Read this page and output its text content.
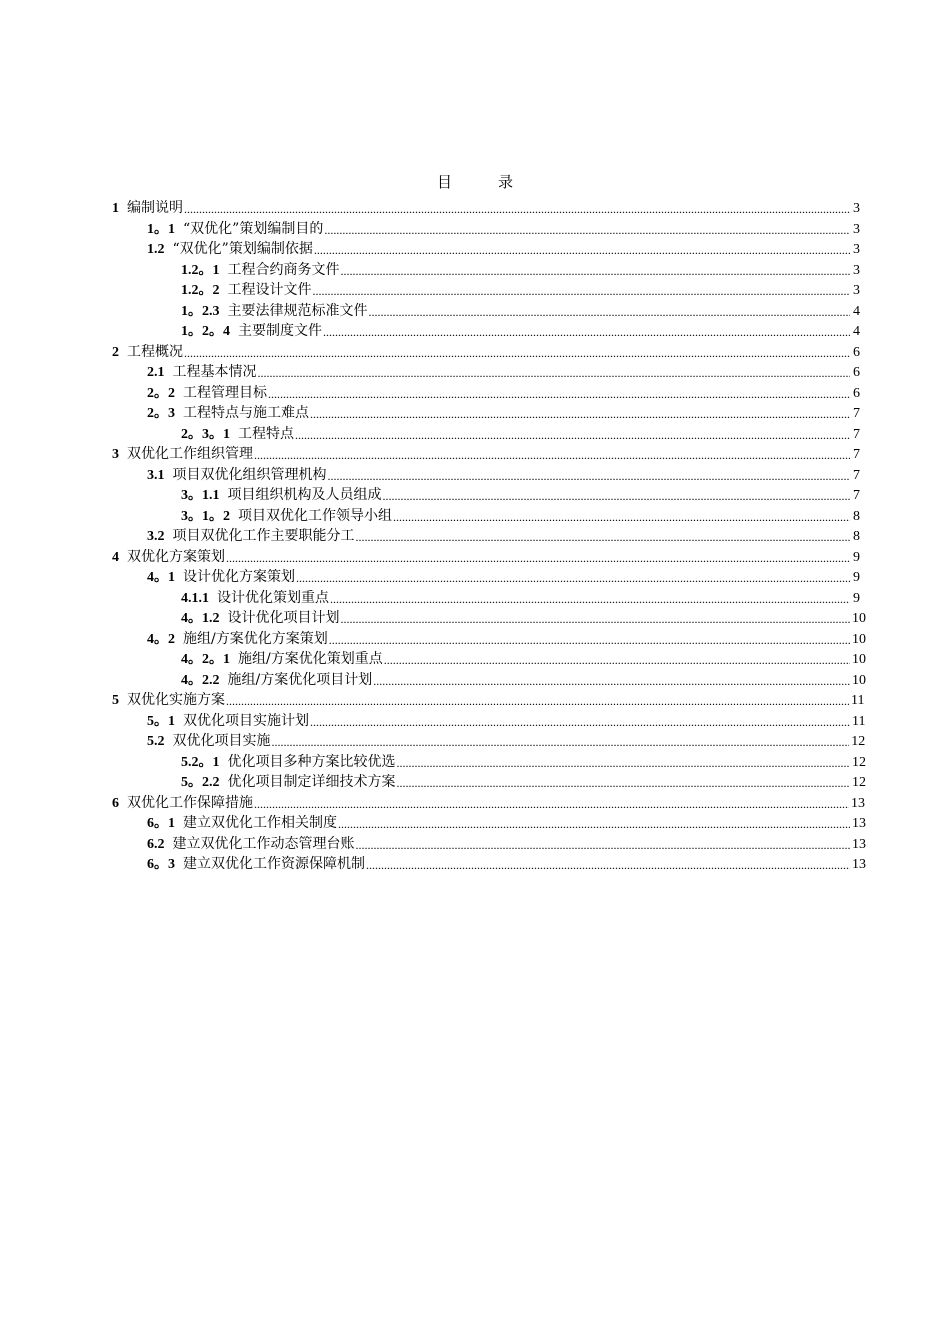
目	录
1 编制说明 .....	3
1。1 “双优化”策划编制目的 .....	3
1.2 “双优化”策划编制依据 .....	3
1.2。1 工程合约商务文件 .....	3
1.2。2 工程设计文件 .....	3
1。2.3 主要法律规范标准文件 .....	4
1。2。4 主要制度文件 .....	4
2 工程概况 .....	6
2.1 工程基本情况 .....	6
2。2 工程管理目标 .....	6
2。3 工程特点与施工难点 .....	7
2。3。1 工程特点 .....	7
3 双优化工作组织管理 .....	7
3.1 项目双优化组织管理机构 .....	7
3。1.1 项目组织机构及人员组成 .....	7
3。1。2 项目双优化工作领导小组 .....	8
3.2 项目双优化工作主要职能分工 .....	8
4 双优化方案策划 .....	9
4。1 设计优化方案策划 .....	9
4.1.1 设计优化策划重点 .....	9
4。1.2 设计优化项目计划 .....	10
4。2 施组/方案优化方案策划 .....	10
4。2。1 施组/方案优化策划重点 .....	10
4。2.2 施组/方案优化项目计划 .....	10
5 双优化实施方案 .....	11
5。1 双优化项目实施计划 .....	11
5.2 双优化项目实施 .....	12
5.2。1 优化项目多种方案比较优选 .....	12
5。2.2 优化项目制定详细技术方案 .....	12
6 双优化工作保障措施 .....	13
6。1 建立双优化工作相关制度 .....	13
6.2 建立双优化工作动态管理台账 .....	13
6。3 建立双优化工作资源保障机制 .....	13
